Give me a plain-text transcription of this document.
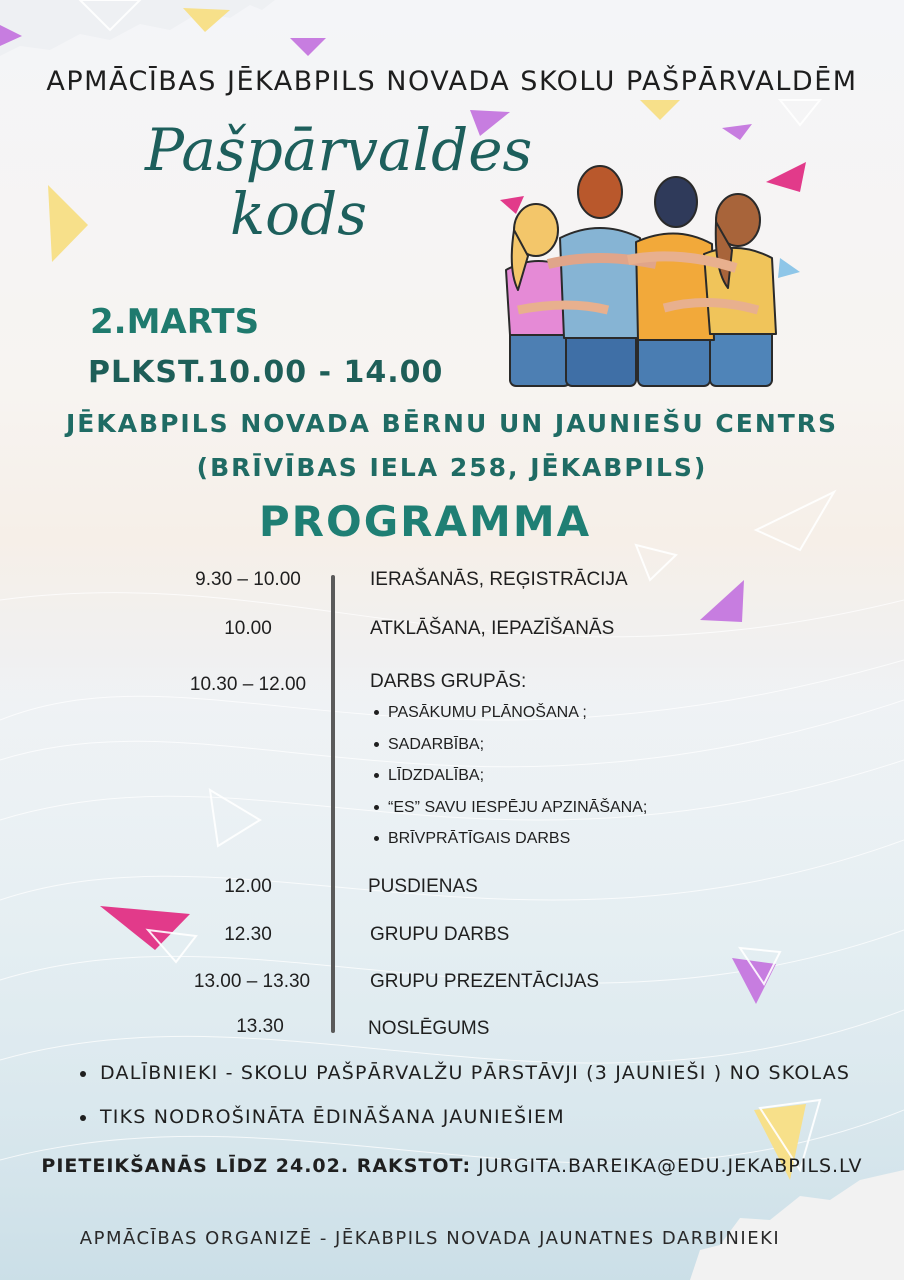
APMĀCĪBAS JĒKABPILS NOVADA SKOLU PAŠPĀRVALDĒM
Pašpārvaldes
kods
2.MARTS
PLKST.10.00 - 14.00
JĒKABPILS NOVADA BĒRNU UN JAUNIEŠU CENTRS
(BRĪVĪBAS IELA 258, JĒKABPILS)
PROGRAMMA
9.30 – 10.00	IERAŠANĀS, REĢISTRĀCIJA
10.00	ATKLĀŠANA, IEPAZĪŠANĀS
10.30 – 12.00	DARBS GRUPĀS:
PASĀKUMU PLĀNOŠANA ;
SADARBĪBA;
LĪDZDALĪBA;
“ES” SAVU IESPĒJU APZINĀŠANA;
BRĪVPRĀTĪGAIS DARBS
12.00	PUSDIENAS
12.30	GRUPU DARBS
13.00 – 13.30	GRUPU PREZENTĀCIJAS
13.30	NOSLĒGUMS
DALĪBNIEKI - SKOLU PAŠPĀRVALŽU PĀRSTĀVJI (3 JAUNIEŠI ) NO SKOLAS
TIKS NODROŠINĀTA ĒDINĀŠANA JAUNIEŠIEM
PIETEIKŠANĀS LĪDZ 24.02. RAKSTOT: JURGITA.BAREIKA@EDU.JEKABPILS.LV
APMĀCĪBAS ORGANIZĒ - JĒKABPILS NOVADA JAUNATNES DARBINIEKI
